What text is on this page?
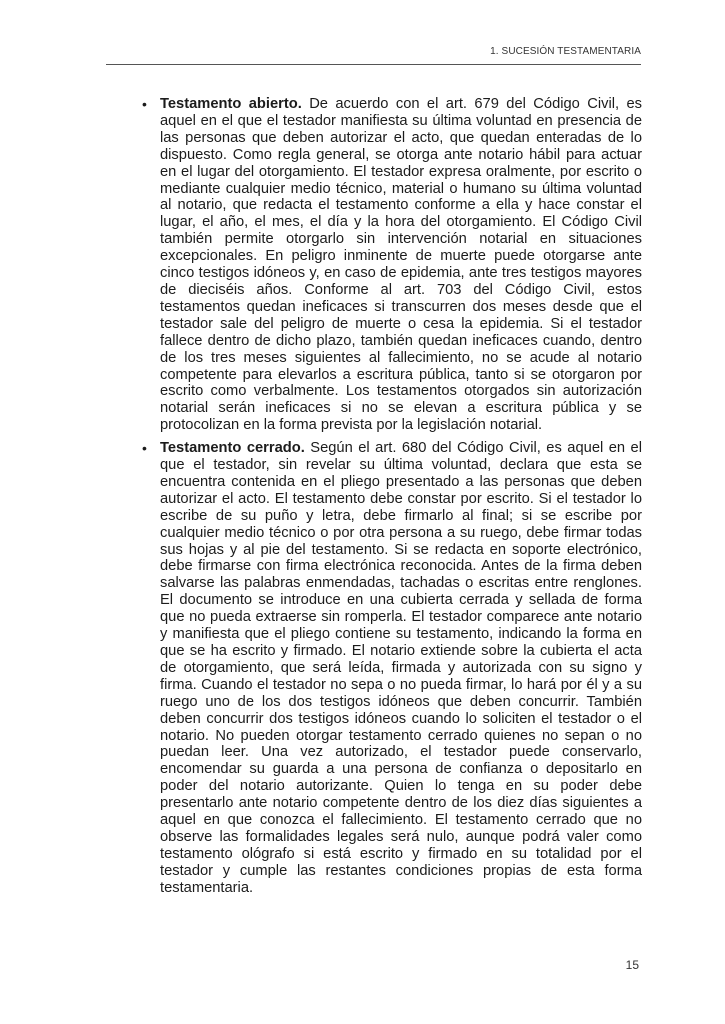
1. SUCESIÓN TESTAMENTARIA
• Testamento abierto. De acuerdo con el art. 679 del Código Civil, es aquel en el que el testador manifiesta su última voluntad en presencia de las personas que deben autorizar el acto, que quedan enteradas de lo dispuesto. Como regla general, se otorga ante notario hábil para actuar en el lugar del otorgamiento. El testador expresa oralmente, por escrito o mediante cualquier medio técnico, material o humano su última voluntad al notario, que redacta el testamento conforme a ella y hace constar el lugar, el año, el mes, el día y la hora del otorgamiento. El Código Civil también permite otorgarlo sin intervención notarial en situaciones excepcionales. En peligro inminente de muerte puede otorgarse ante cinco testigos idóneos y, en caso de epidemia, ante tres testigos mayores de dieciséis años. Conforme al art. 703 del Código Civil, estos testamentos quedan ineficaces si transcurren dos meses desde que el testador sale del peligro de muerte o cesa la epidemia. Si el testador fallece dentro de dicho plazo, también quedan ineficaces cuando, dentro de los tres meses siguientes al fallecimiento, no se acude al notario competente para elevarlos a escritura pública, tanto si se otorgaron por escrito como verbalmente. Los testamentos otorgados sin autorización notarial serán ineficaces si no se elevan a escritura pública y se protocolizan en la forma prevista por la legislación notarial.
• Testamento cerrado. Según el art. 680 del Código Civil, es aquel en el que el testador, sin revelar su última voluntad, declara que esta se encuentra contenida en el pliego presentado a las personas que deben autorizar el acto. El testamento debe constar por escrito. Si el testador lo escribe de su puño y letra, debe firmarlo al final; si se escribe por cualquier medio técnico o por otra persona a su ruego, debe firmar todas sus hojas y al pie del testamento. Si se redacta en soporte electrónico, debe firmarse con firma electrónica reconocida. Antes de la firma deben salvarse las palabras enmendadas, tachadas o escritas entre renglones. El documento se introduce en una cubierta cerrada y sellada de forma que no pueda extraerse sin romperla. El testador comparece ante notario y manifiesta que el pliego contiene su testamento, indicando la forma en que se ha escrito y firmado. El notario extiende sobre la cubierta el acta de otorgamiento, que será leída, firmada y autorizada con su signo y firma. Cuando el testador no sepa o no pueda firmar, lo hará por él y a su ruego uno de los dos testigos idóneos que deben concurrir. También deben concurrir dos testigos idóneos cuando lo soliciten el testador o el notario. No pueden otorgar testamento cerrado quienes no sepan o no puedan leer. Una vez autorizado, el testador puede conservarlo, encomendar su guarda a una persona de confianza o depositarlo en poder del notario autorizante. Quien lo tenga en su poder debe presentarlo ante notario competente dentro de los diez días siguientes a aquel en que conozca el fallecimiento. El testamento cerrado que no observe las formalidades legales será nulo, aunque podrá valer como testamento ológrafo si está escrito y firmado en su totalidad por el testador y cumple las restantes condiciones propias de esta forma testamentaria.
15
